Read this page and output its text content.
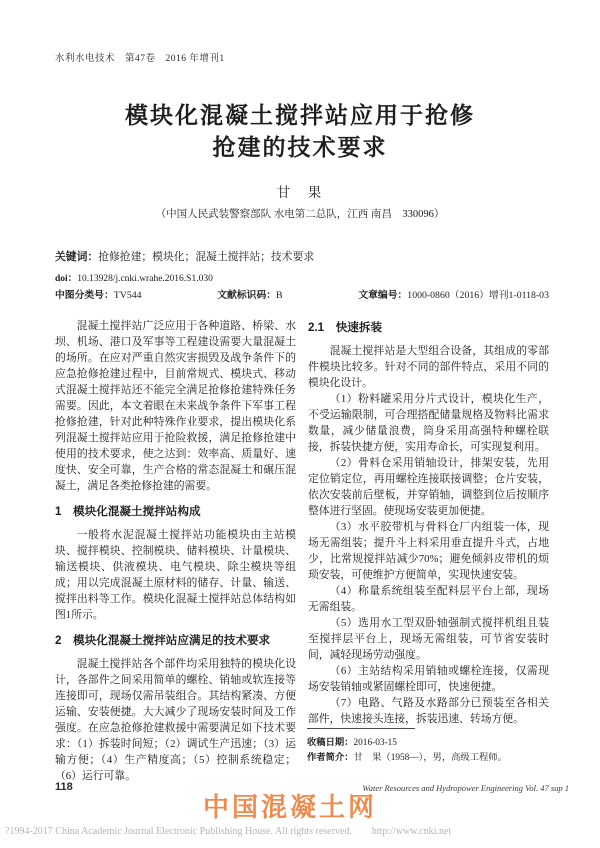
水利水电技术　第47卷　2016 年增刊1
模块化混凝土搅拌站应用于抢修
抢建的技术要求
甘　果
（中国人民武装警察部队 水电第二总队，江西 南昌　330096）
关键词：抢修抢建；模块化；混凝土搅拌站；技术要求
doi：10.13928/j.cnki.wrahe.2016.S1.030
中图分类号：TV544	文献标识码：B	文章编号：1000-0860（2016）增刊1-0118-03

混凝土搅拌站广泛应用于各种道路、桥梁、水坝、机场、港口及军事等工程建设需要大量混凝土的场所。在应对严重自然灾害损毁及战争条件下的应急抢修抢建过程中，目前常规式、模块式、移动式混凝土搅拌站还不能完全满足抢修抢建特殊任务需要。因此，本文着眼在未来战争条件下军事工程抢修抢建，针对此种特殊作业要求，提出模块化系列混凝土搅拌站应用于抢险救援，满足抢修抢建中使用的技术要求，使之达到：效率高、质量好、速度快、安全可靠，生产合格的常态混凝土和碾压混凝土，满足各类抢修抢建的需要。

1　模块化混凝土搅拌站构成

一般将水泥混凝土搅拌站功能模块由主站模块、搅拌模块、控制模块、储料模块、计量模块、输送模块、供液模块、电气模块、除尘模块等组成；用以完成混凝土原材料的储存、计量、输送、搅拌出料等工作。模块化混凝土搅拌站总体结构如图1所示。

2　模块化混凝土搅拌站应满足的技术要求

混凝土搅拌站各个部件均采用独特的模块化设计，各部件之间采用简单的螺栓、销轴或软连接等连接即可，现场仅需吊装组合。其结构紧凑、方便运输、安装便捷。大大减少了现场安装时间及工作强度。在应急抢修抢建救援中需要满足如下技术要求：（1）拆装时间短；（2）调试生产迅速；（3）运输方便；（4）生产精度高；（5）控制系统稳定；（6）运行可靠。

2.1　快速拆装

混凝土搅拌站是大型组合设备，其组成的零部件模块比较多。针对不同的部件特点，采用不同的模块化设计。

（1）粉料罐采用分片式设计，模块化生产，不受运输限制，可合理搭配储量规格及物料比需求数量，减少储量浪费，筒身采用高强特种螺栓联接，拆装快捷方便，实用寿命长，可实现复利用。

（2）骨料仓采用销轴设计，排架安装，先用定位销定位，再用螺栓连接联接调整；仓片安装，依次安装前后壁板，并穿销轴，调整到位后按顺序整体进行坚固。使现场安装更加便捷。

（3）水平胶带机与骨料仓厂内组装一体，现场无需组装；提升斗上料采用垂直提升斗式，占地少，比常规搅拌站减少70%；避免倾斜皮带机的烦琐安装，可使维护方便简单，实现快速安装。

（4）称量系统组装至配料层平台上部，现场无需组装。

（5）选用水工型双卧轴强制式搅拌机组且装至搅拌层平台上，现场无需组装，可节省安装时间，减轻现场劳动强度。

（6）主站结构采用销轴或螺栓连接，仅需现场安装销轴或紧固螺栓即可，快速便捷。

（7）电路、气路及水路部分已预装至各相关部件，快速接头连接，拆装迅速、转场方便。

收稿日期：2016-03-15
作者简介：甘　果（1958—），男，高级工程师。
118	Water Resources and Hydropower Engineering Vol. 47 sup 1
中国混凝土网
?1994-2017 China Academic Journal Electronic Publishing House. All rights reserved.　　http://www.cnki.net
